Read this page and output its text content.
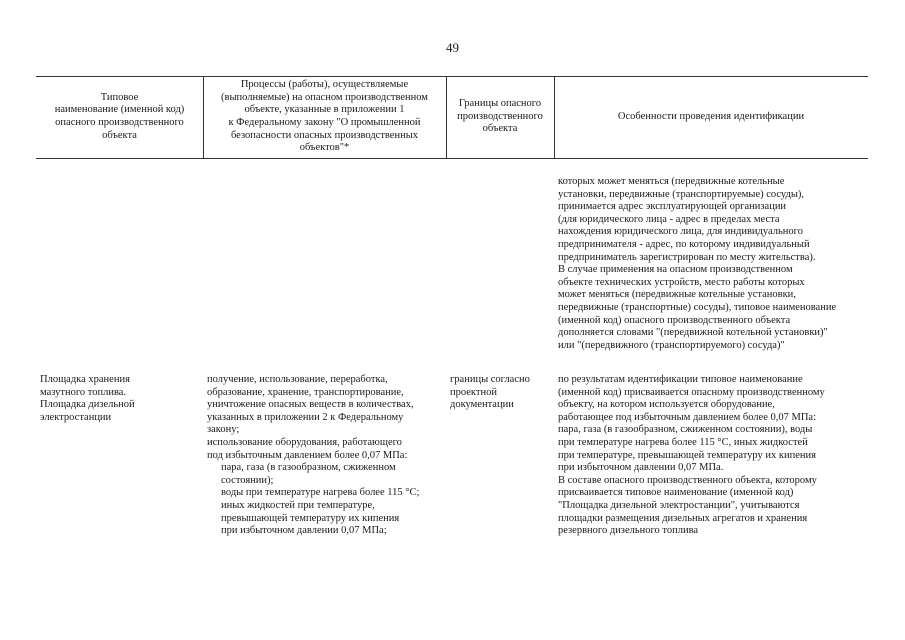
49
Типовое
наименование (именной код)
опасного производственного
объекта
Процессы (работы), осуществляемые
(выполняемые) на опасном производственном
объекте, указанные в приложении 1
к Федеральному закону "О промышленной
безопасности опасных производственных
объектов"*
Границы опасного
производственного
объекта
Особенности проведения идентификации
которых может меняться (передвижные котельные
установки, передвижные (транспортируемые) сосуды),
принимается адрес эксплуатирующей организации
(для юридического лица - адрес в пределах места
нахождения юридического лица, для индивидуального
предпринимателя - адрес, по которому индивидуальный
предприниматель зарегистрирован по месту жительства).
В случае применения на опасном производственном
объекте технических устройств, место работы которых
может меняться (передвижные котельные установки,
передвижные (транспортные) сосуды), типовое наименование
(именной код) опасного производственного объекта
дополняется словами "(передвижной котельной установки)"
или "(передвижного (транспортируемого) сосуда)"
Площадка хранения
мазутного топлива.
Площадка дизельной
электростанции
получение, использование, переработка,
образование, хранение, транспортирование,
уничтожение опасных веществ в количествах,
указанных в приложении 2 к Федеральному
закону;
использование оборудования, работающего
под избыточным давлением более 0,07 МПа:
пара, газа (в газообразном, сжиженном
состоянии);
воды при температуре нагрева более 115 °С;
иных жидкостей при температуре,
превышающей температуру их кипения
при избыточном давлении 0,07 МПа;
границы согласно
проектной
документации
по результатам идентификации типовое наименование
(именной код) присваивается опасному производственному
объекту, на котором используется оборудование,
работающее под избыточным давлением более 0,07 МПа:
пара, газа (в газообразном, сжиженном состоянии), воды
при температуре нагрева более 115 °С, иных жидкостей
при температуре, превышающей температуру их кипения
при избыточном давлении 0,07 МПа.
В составе опасного производственного объекта, которому
присваивается типовое наименование (именной код)
"Площадка дизельной электростанции", учитываются
площадки размещения дизельных агрегатов и хранения
резервного дизельного топлива
